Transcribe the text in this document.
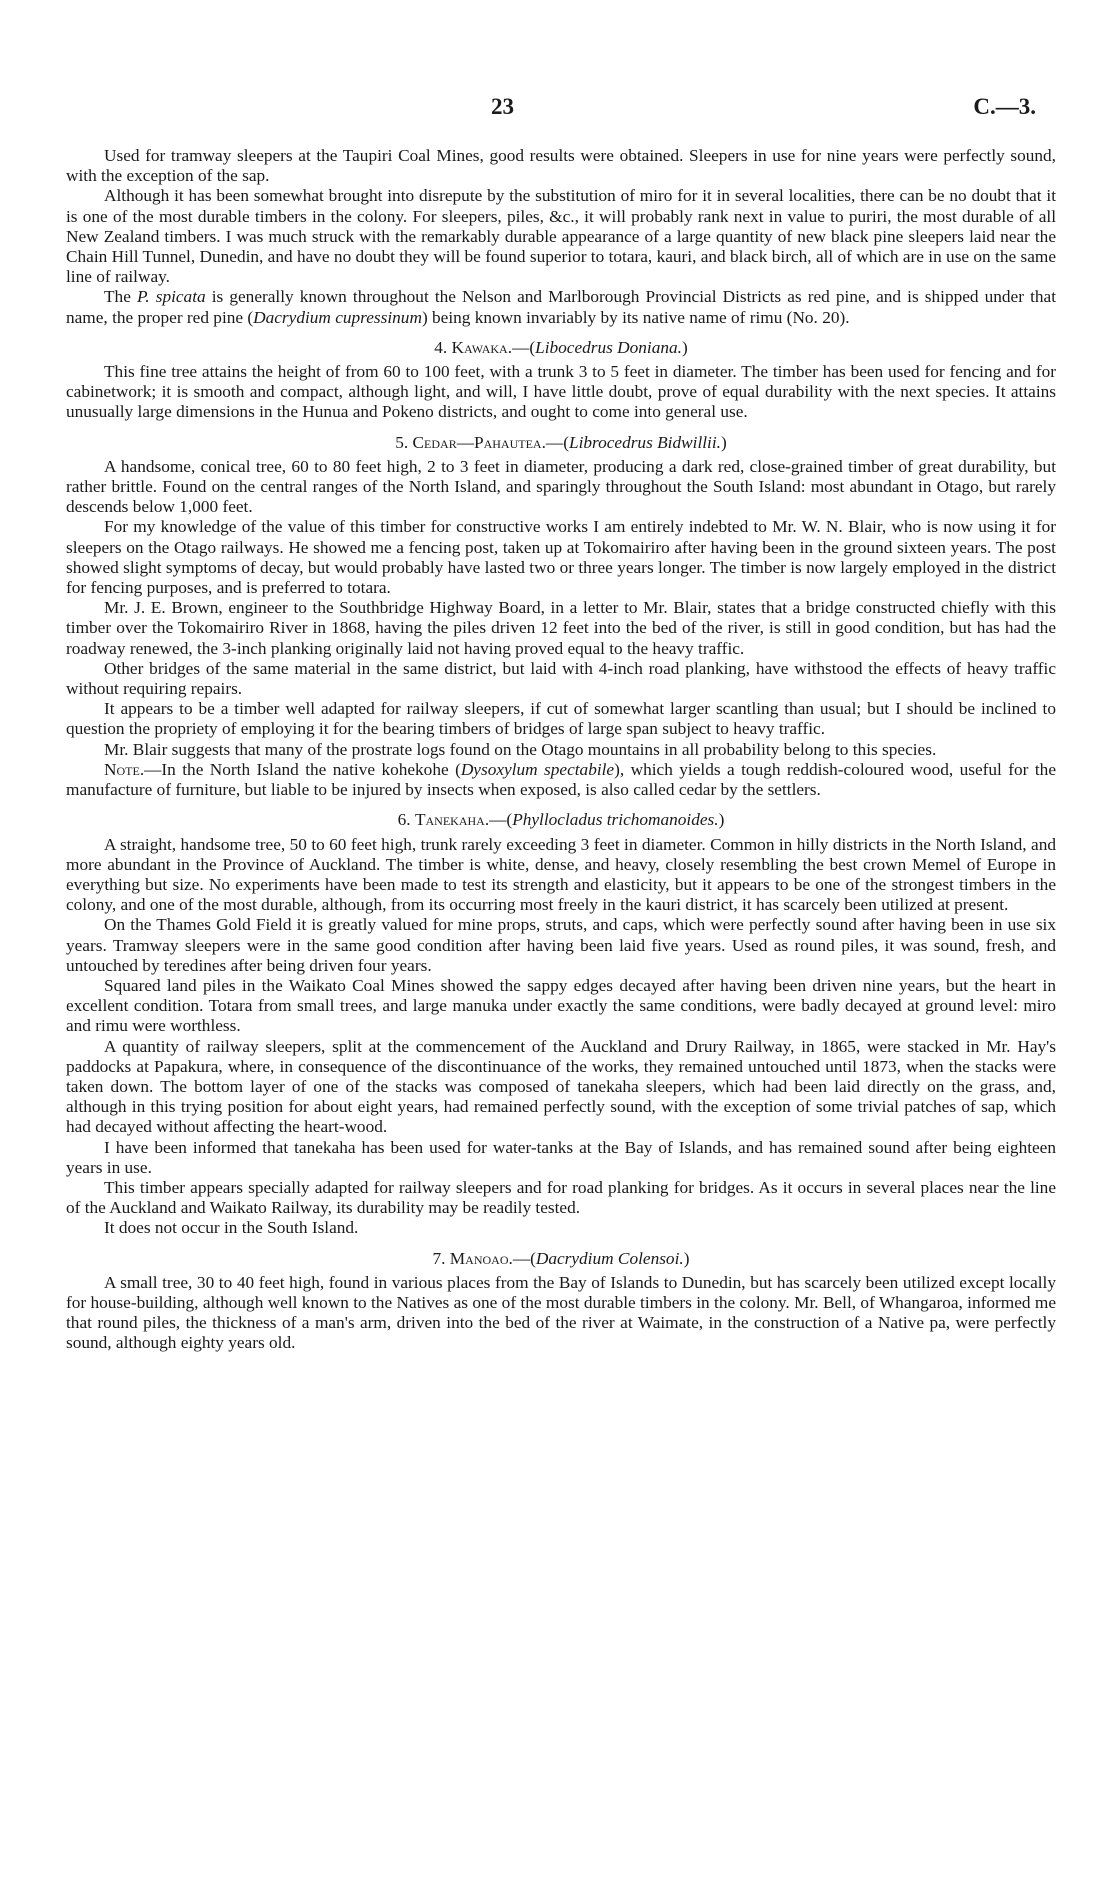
23	C.—3.

Used for tramway sleepers at the Taupiri Coal Mines, good results were obtained. Sleepers in use for nine years were perfectly sound, with the exception of the sap.

Although it has been somewhat brought into disrepute by the substitution of miro for it in several localities, there can be no doubt that it is one of the most durable timbers in the colony. For sleepers, piles, &c., it will probably rank next in value to puriri, the most durable of all New Zealand timbers. I was much struck with the remarkably durable appearance of a large quantity of new black pine sleepers laid near the Chain Hill Tunnel, Dunedin, and have no doubt they will be found superior to totara, kauri, and black birch, all of which are in use on the same line of railway.

The P. spicata is generally known throughout the Nelson and Marlborough Provincial Districts as red pine, and is shipped under that name, the proper red pine (Dacrydium cupressinum) being known invariably by its native name of rimu (No. 20).

4. Kawaka.—(Libocedrus Doniana.)

This fine tree attains the height of from 60 to 100 feet, with a trunk 3 to 5 feet in diameter. The timber has been used for fencing and for cabinetwork; it is smooth and compact, although light, and will, I have little doubt, prove of equal durability with the next species. It attains unusually large dimensions in the Hunua and Pokeno districts, and ought to come into general use.

5. Cedar—Pahautea.—(Librocedrus Bidwillii.)

A handsome, conical tree, 60 to 80 feet high, 2 to 3 feet in diameter, producing a dark red, close-grained timber of great durability, but rather brittle. Found on the central ranges of the North Island, and sparingly throughout the South Island: most abundant in Otago, but rarely descends below 1,000 feet.

For my knowledge of the value of this timber for constructive works I am entirely indebted to Mr. W. N. Blair, who is now using it for sleepers on the Otago railways. He showed me a fencing post, taken up at Tokomairiro after having been in the ground sixteen years. The post showed slight symptoms of decay, but would probably have lasted two or three years longer. The timber is now largely employed in the district for fencing purposes, and is preferred to totara.

Mr. J. E. Brown, engineer to the Southbridge Highway Board, in a letter to Mr. Blair, states that a bridge constructed chiefly with this timber over the Tokomairiro River in 1868, having the piles driven 12 feet into the bed of the river, is still in good condition, but has had the roadway renewed, the 3-inch planking originally laid not having proved equal to the heavy traffic.

Other bridges of the same material in the same district, but laid with 4-inch road planking, have withstood the effects of heavy traffic without requiring repairs.

It appears to be a timber well adapted for railway sleepers, if cut of somewhat larger scantling than usual; but I should be inclined to question the propriety of employing it for the bearing timbers of bridges of large span subject to heavy traffic.

Mr. Blair suggests that many of the prostrate logs found on the Otago mountains in all probability belong to this species.

Note.—In the North Island the native kohekohe (Dysoxylum spectabile), which yields a tough reddish-coloured wood, useful for the manufacture of furniture, but liable to be injured by insects when exposed, is also called cedar by the settlers.

6. Tanekaha.—(Phyllocladus trichomanoides.)

A straight, handsome tree, 50 to 60 feet high, trunk rarely exceeding 3 feet in diameter. Common in hilly districts in the North Island, and more abundant in the Province of Auckland. The timber is white, dense, and heavy, closely resembling the best crown Memel of Europe in everything but size. No experiments have been made to test its strength and elasticity, but it appears to be one of the strongest timbers in the colony, and one of the most durable, although, from its occurring most freely in the kauri district, it has scarcely been utilized at present.

On the Thames Gold Field it is greatly valued for mine props, struts, and caps, which were perfectly sound after having been in use six years. Tramway sleepers were in the same good condition after having been laid five years. Used as round piles, it was sound, fresh, and untouched by teredines after being driven four years.

Squared land piles in the Waikato Coal Mines showed the sappy edges decayed after having been driven nine years, but the heart in excellent condition. Totara from small trees, and large manuka under exactly the same conditions, were badly decayed at ground level: miro and rimu were worthless.

A quantity of railway sleepers, split at the commencement of the Auckland and Drury Railway, in 1865, were stacked in Mr. Hay's paddocks at Papakura, where, in consequence of the discontinuance of the works, they remained untouched until 1873, when the stacks were taken down. The bottom layer of one of the stacks was composed of tanekaha sleepers, which had been laid directly on the grass, and, although in this trying position for about eight years, had remained perfectly sound, with the exception of some trivial patches of sap, which had decayed without affecting the heart-wood.

I have been informed that tanekaha has been used for water-tanks at the Bay of Islands, and has remained sound after being eighteen years in use.

This timber appears specially adapted for railway sleepers and for road planking for bridges. As it occurs in several places near the line of the Auckland and Waikato Railway, its durability may be readily tested.

It does not occur in the South Island.

7. Manoao.—(Dacrydium Colensoi.)

A small tree, 30 to 40 feet high, found in various places from the Bay of Islands to Dunedin, but has scarcely been utilized except locally for house-building, although well known to the Natives as one of the most durable timbers in the colony. Mr. Bell, of Whangaroa, informed me that round piles, the thickness of a man's arm, driven into the bed of the river at Waimate, in the construction of a Native pa, were perfectly sound, although eighty years old.
